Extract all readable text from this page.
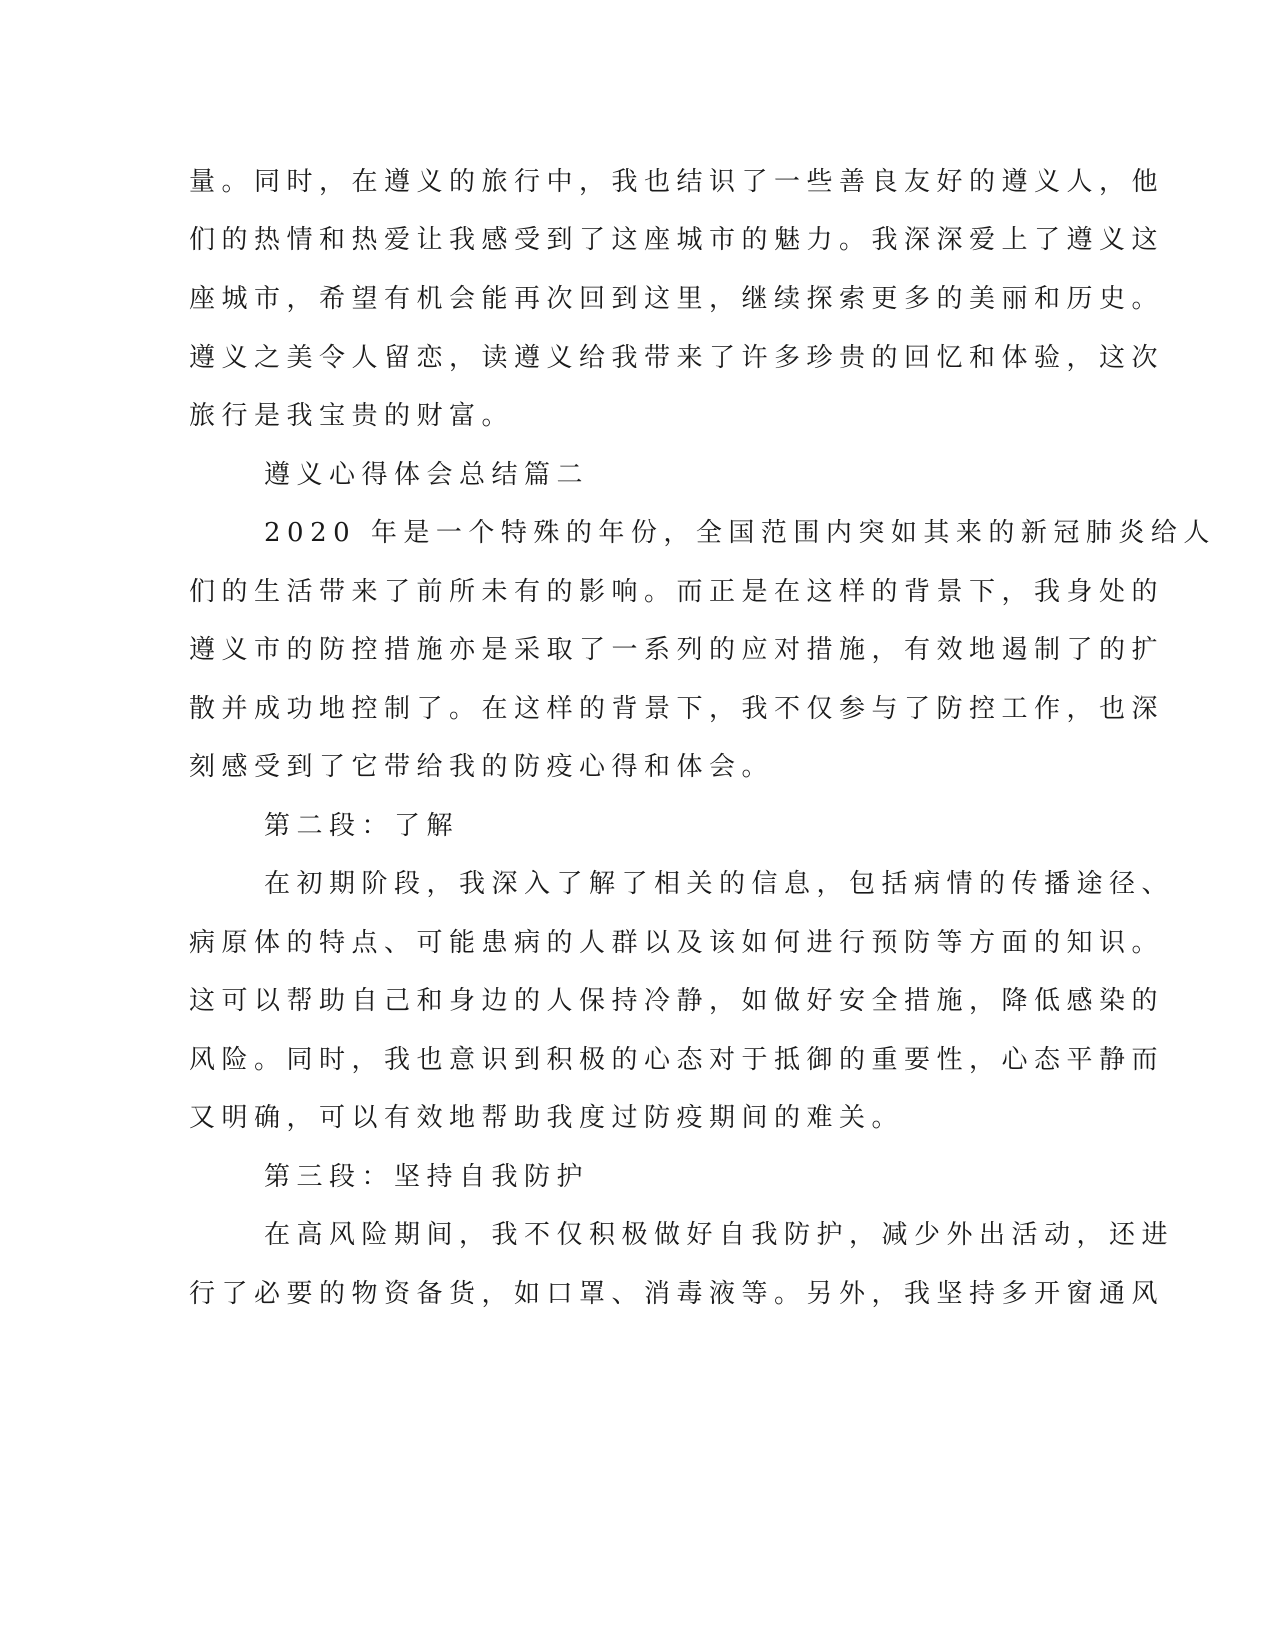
量。同时，在遵义的旅行中，我也结识了一些善良友好的遵义人，他
们的热情和热爱让我感受到了这座城市的魅力。我深深爱上了遵义这
座城市，希望有机会能再次回到这里，继续探索更多的美丽和历史。
遵义之美令人留恋，读遵义给我带来了许多珍贵的回忆和体验，这次
旅行是我宝贵的财富。
遵义心得体会总结篇二
2020 年是一个特殊的年份，全国范围内突如其来的新冠肺炎给人
们的生活带来了前所未有的影响。而正是在这样的背景下，我身处的
遵义市的防控措施亦是采取了一系列的应对措施，有效地遏制了的扩
散并成功地控制了。在这样的背景下，我不仅参与了防控工作，也深
刻感受到了它带给我的防疫心得和体会。
第二段：了解
在初期阶段，我深入了解了相关的信息，包括病情的传播途径、
病原体的特点、可能患病的人群以及该如何进行预防等方面的知识。
这可以帮助自己和身边的人保持冷静，如做好安全措施，降低感染的
风险。同时，我也意识到积极的心态对于抵御的重要性，心态平静而
又明确，可以有效地帮助我度过防疫期间的难关。
第三段：坚持自我防护
在高风险期间，我不仅积极做好自我防护，减少外出活动，还进
行了必要的物资备货，如口罩、消毒液等。另外，我坚持多开窗通风
